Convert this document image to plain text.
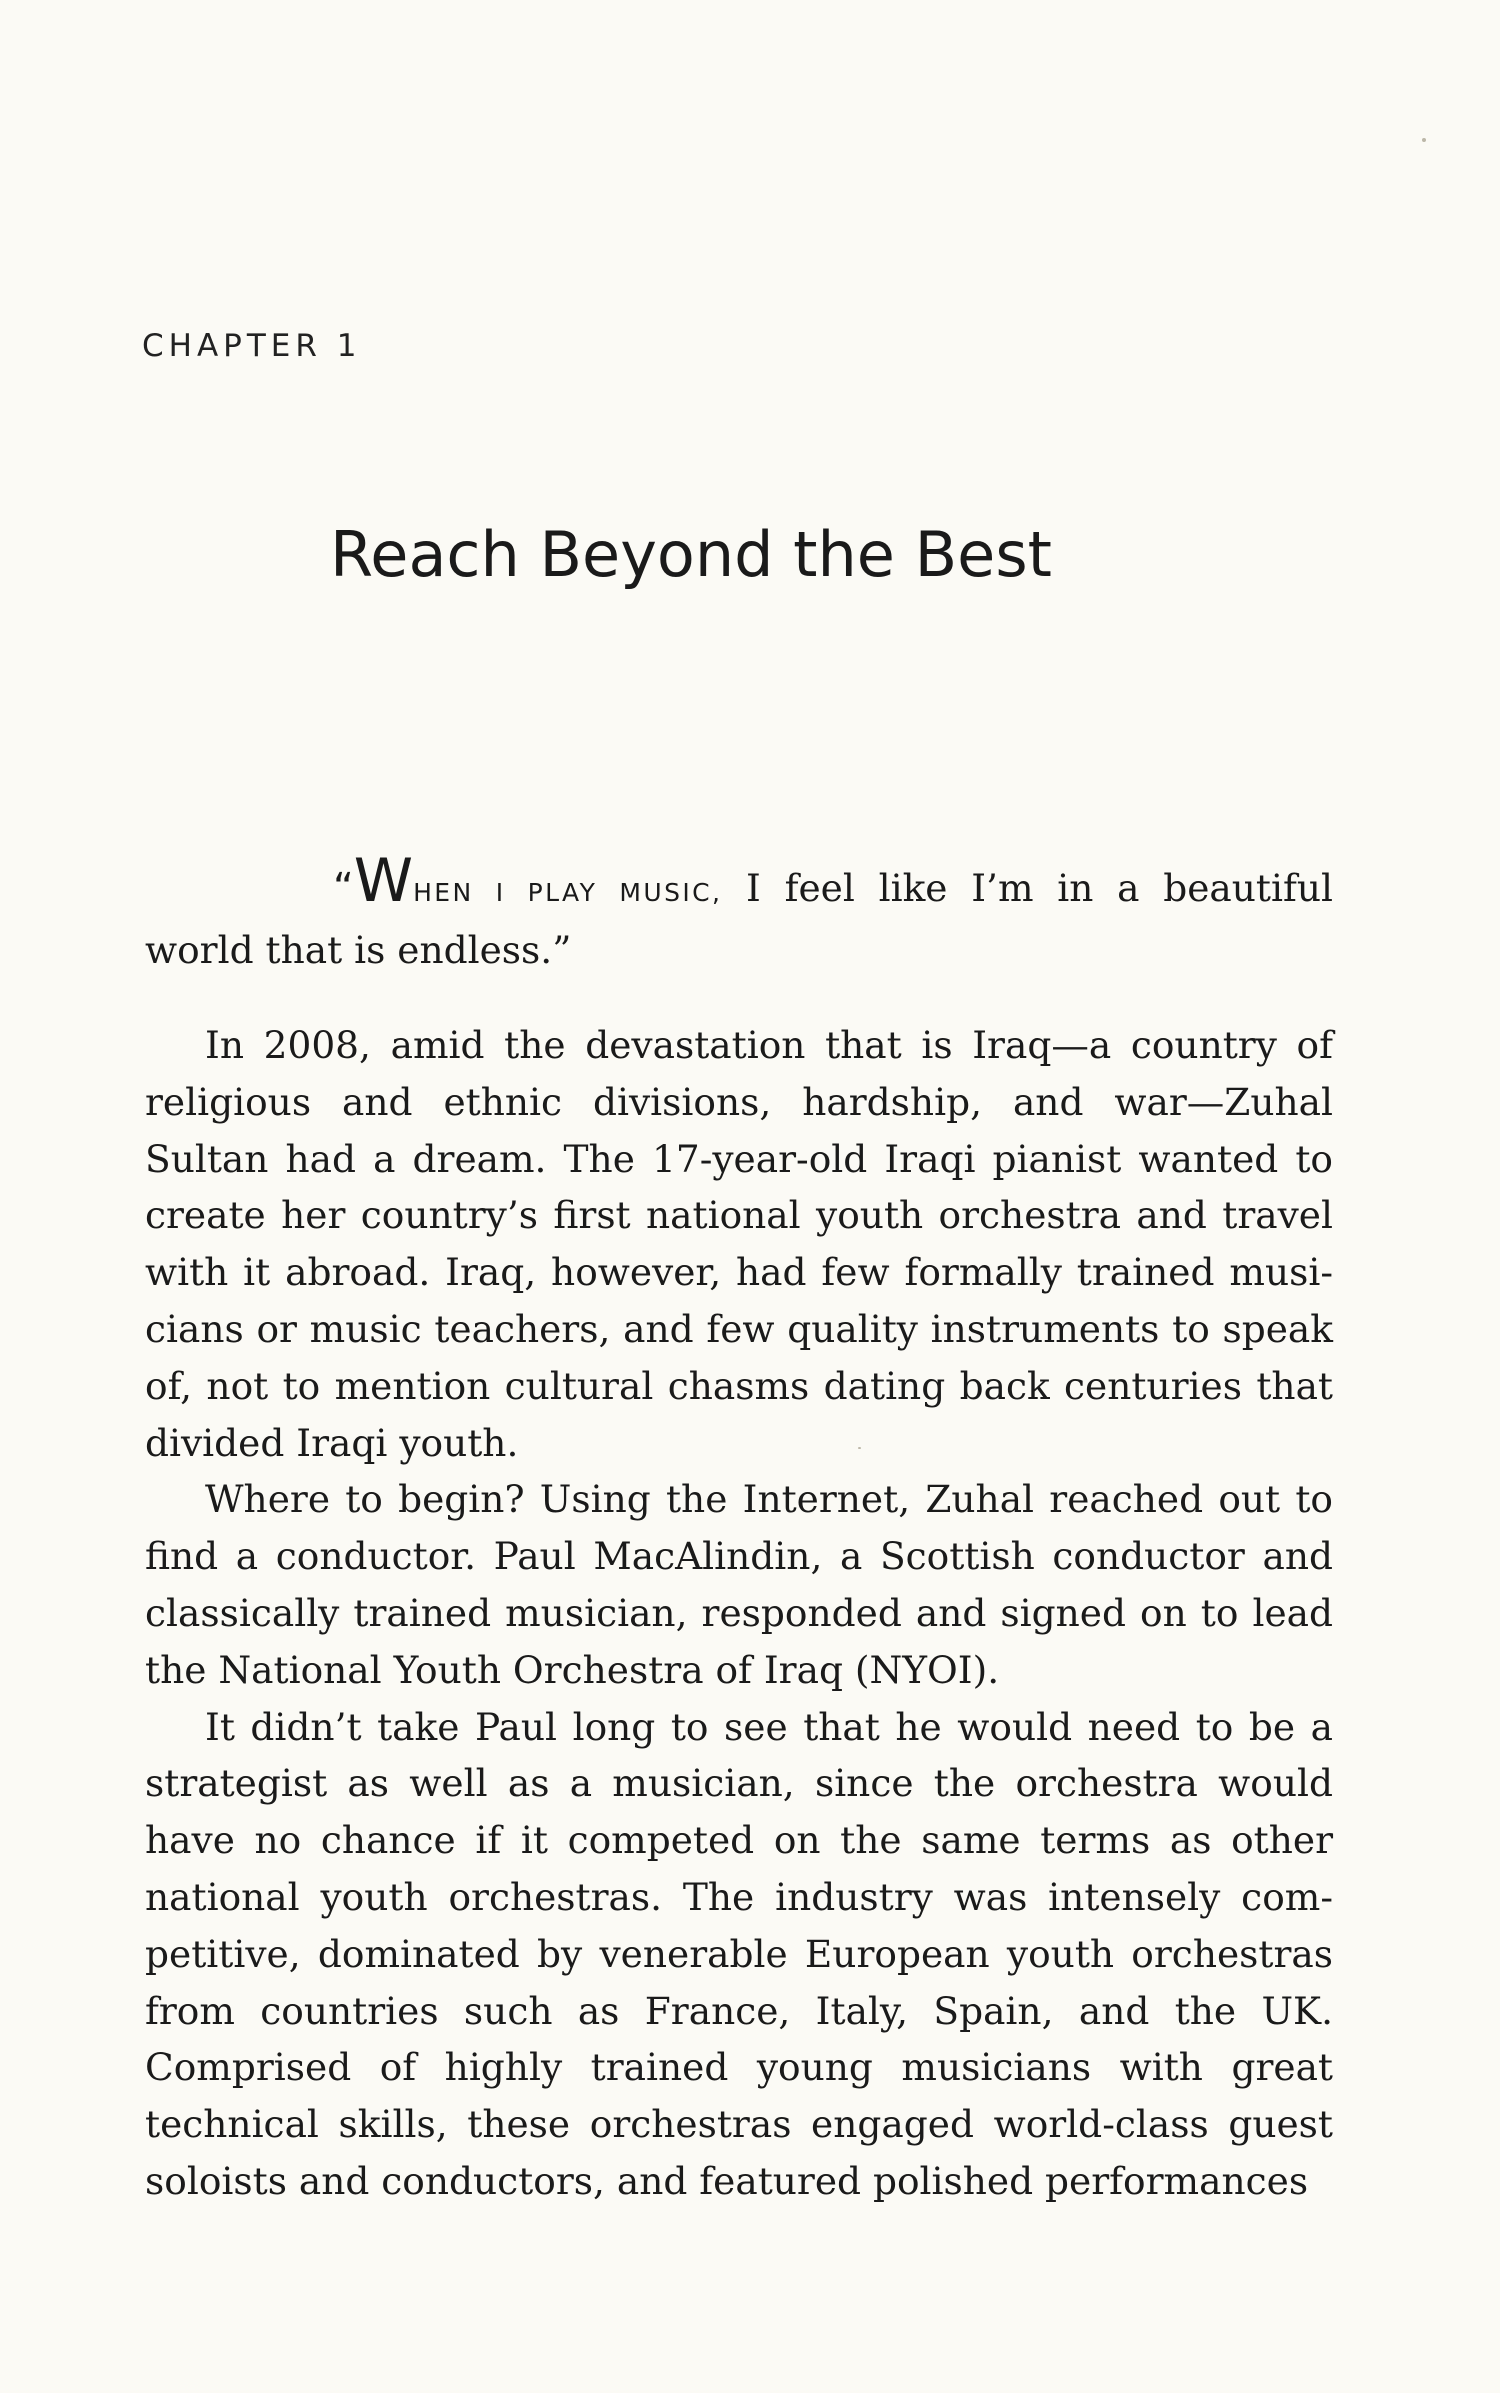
CHAPTER 1
Reach Beyond the Best
“WHEN I PLAY MUSIC, I feel like I’m in a beautiful world that is endless.”

In 2008, amid the devastation that is Iraq—a country of religious and ethnic divisions, hardship, and war—Zuhal Sultan had a dream. The 17-year-old Iraqi pianist wanted to create her country’s first national youth orchestra and travel with it abroad. Iraq, however, had few formally trained musicians or music teachers, and few quality instruments to speak of, not to mention cultural chasms dating back centuries that divided Iraqi youth.

Where to begin? Using the Internet, Zuhal reached out to find a conductor. Paul MacAlindin, a Scottish conductor and classically trained musician, responded and signed on to lead the National Youth Orchestra of Iraq (NYOI).

It didn’t take Paul long to see that he would need to be a strategist as well as a musician, since the orchestra would have no chance if it competed on the same terms as other national youth orchestras. The industry was intensely competitive, dominated by venerable European youth orchestras from countries such as France, Italy, Spain, and the UK. Comprised of highly trained young musicians with great technical skills, these orchestras engaged world-class guest soloists and conductors, and featured polished performances
